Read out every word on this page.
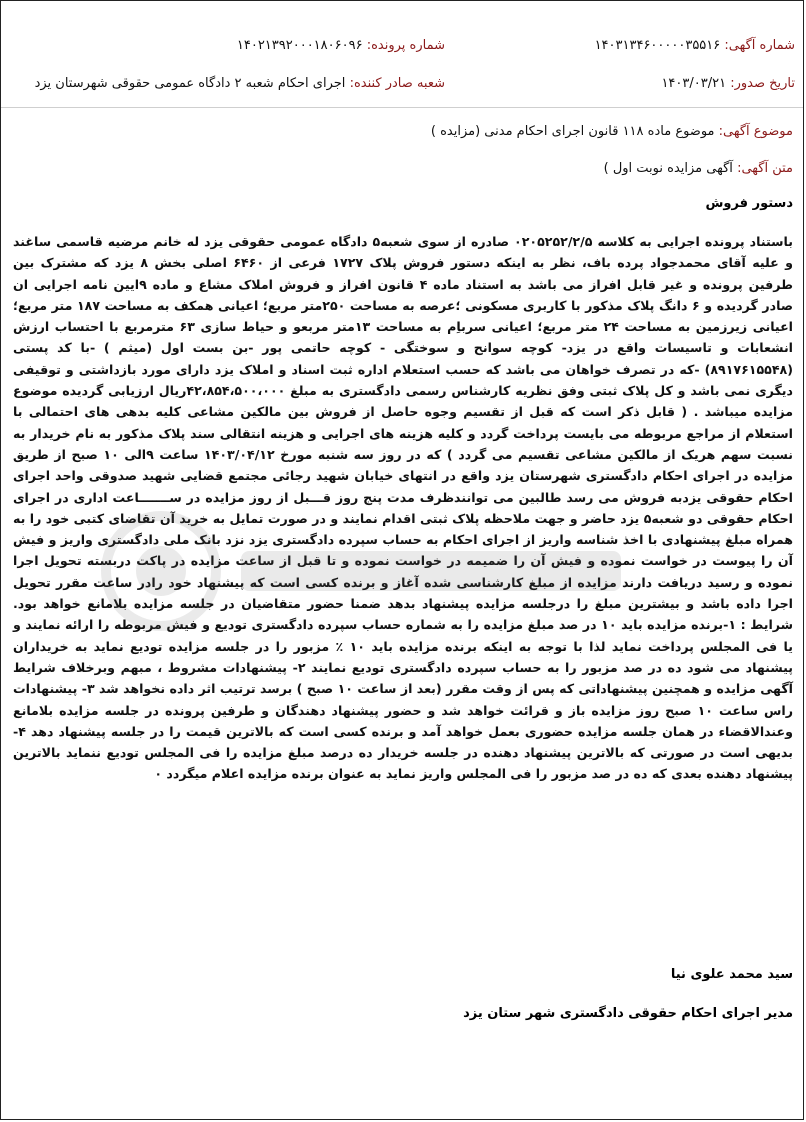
شماره آگهی: ۱۴۰۳۱۳۴۶۰۰۰۰۰۳۵۵۱۶
شماره پرونده: ۱۴۰۲۱۳۹۲۰۰۰۱۸۰۶۰۹۶
تاریخ صدور: ۱۴۰۳/۰۳/۲۱
شعبه صادر کننده: اجرای احکام شعبه ۲ دادگاه عمومی حقوقی شهرستان یزد
موضوع آگهی: موضوع ماده ۱۱۸ قانون اجرای احکام مدنی (مزایده )
متن آگهی: آگهی مزایده نوبت اول )
دستور فروش
باستناد پرونده اجرایی به کلاسه ۰۲۰۵۲۵۲/۲/۵ صادره از سوی شعبه۵ دادگاه عمومی حقوقی یزد له خانم مرضیه قاسمی ساغند و علیه آقای محمدجواد پرده باف، نظر به اینکه دستور فروش پلاک ۱۷۲۷ فرعی از ۶۴۶۰ اصلی بخش ۸ یزد که مشترک بین طرفین پرونده و غیر قابل افراز می باشد به استناد ماده ۴ قانون افراز و فروش املاک مشاع و ماده ۹ایین نامه اجرایی ان صادر گردیده و ۶ دانگ پلاک مذکور با کاربری مسکونی ؛عرصه به مساحت ۲۵۰متر مربع؛ اعیانی همکف به مساحت ۱۸۷ متر مربع؛ اعیانی زیرزمین به مساحت ۲۴ متر مربع؛ اعیانی سرباِم به مساحت ۱۳متر مربعو و حیاط سازی ۶۳ مترمربع با احتساب ارزش انشعابات و تاسیسات واقع در یزد- کوچه سوانح و سوختگی - کوچه حاتمی پور -بن بست اول (میثم ) -با کد پستی (۸۹۱۷۶۱۵۵۴۸) -که در تصرف خواهان می باشد که حسب استعلام اداره ثبت اسناد و املاک یزد دارای مورد بازداشتی و توقیفی دیگری نمی باشد و کل پلاک ثبتی وفق نظریه کارشناس رسمی دادگستری به مبلغ ۴۲،۸۵۴،۵۰۰،۰۰۰ریال ارزیابی گردیده موضوع مزایده میباشد . ( قابل ذکر است که قبل از تقسیم وجوه حاصل از فروش بین مالکین مشاعی کلیه بدهی های احتمالی با استعلام از مراجع مربوطه می بایست پرداخت گردد و کلیه هزینه های اجرایی و هزینه انتقالی سند پلاک مذکور به نام خریدار به نسبت سهم هریک از مالکین مشاعی تقسیم می گردد ) که در روز سه شنبه مورخ ۱۴۰۳/۰۴/۱۲ ساعت ۹الی ۱۰ صبح از طریق مزایده در اجرای احکام دادگستری شهرستان یزد واقع در انتهای خیابان شهید رجائی مجتمع قضایی شهید صدوقی واحد اجرای احکام حقوقی یزدبه فروش می رسد طالبین می توانندظرف مدت پنج روز قـــبل از روز مزایده در ســـــــاعت اداری در اجرای احکام حقوقی دو شعبه۵ یزد حاضر و جهت ملاحظه پلاک ثبتی اقدام نمایند و در صورت تمایل به خرید آن تقاضای کتبی خود را به همراه مبلغ پیشنهادی با اخذ شناسه واریز از اجرای احکام به حساب سپرده دادگستری یزد نزد بانک ملی دادگستری واریز و فیش آن را پیوست در خواست نموده و فیش آن را ضمیمه در خواست نموده و تا قبل از ساعت مزایده در پاکت دربسته تحویل اجرا نموده و رسید دریافت دارند مزایده از مبلغ کارشناسی شده آغاز و برنده کسی است که پیشنهاد خود رادر ساعت مقرر تحویل اجرا داده باشد و بیشترین مبلغ را درجلسه مزایده پیشنهاد بدهد ضمنا حضور متقاضیان در جلسه مزایده بلامانع خواهد بود. شرایط : ۱-برنده مزایده باید ۱۰ در صد مبلغ مزایده را به شماره حساب سپرده دادگستری تودیع و فیش مربوطه را ارائه نمایند و یا فی المجلس پرداخت نماید لذا با توجه به اینکه برنده مزایده باید ۱۰ ٪ مزبور را در جلسه مزایده تودیع نماید به خریداران پیشنهاد می شود ده در صد مزبور را به حساب سپرده دادگستری تودیع نمایند ۲- پیشنهادات مشروط ، مبهم وبرخلاف شرایط آگهی مزایده و همچنین پیشنهاداتی که پس از وقت مقرر (بعد از ساعت ۱۰ صبح ) برسد ترتیب اثر داده نخواهد شد ۳- پیشنهادات راس ساعت ۱۰ صبح روز مزایده باز و قرائت خواهد شد و حضور پیشنهاد دهندگان و طرفین پرونده در جلسه مزایده بلامانع وعندالاقضاء در همان جلسه مزایده حضوری بعمل خواهد آمد و برنده کسی است که بالاترین قیمت را در جلسه پیشنهاد دهد ۴- بدیهی است در صورتی که بالاترین پیشنهاد دهنده در جلسه خریدار ده درصد مبلغ مزایده را فی المجلس تودیع ننماید بالاترین پیشنهاد دهنده بعدی که ده در صد مزبور را فی المجلس واریز نماید به عنوان برنده مزایده اعلام میگردد ۰
سید محمد علوی نیا
مدیر اجرای احکام حقوقی دادگستری شهر ستان یزد
